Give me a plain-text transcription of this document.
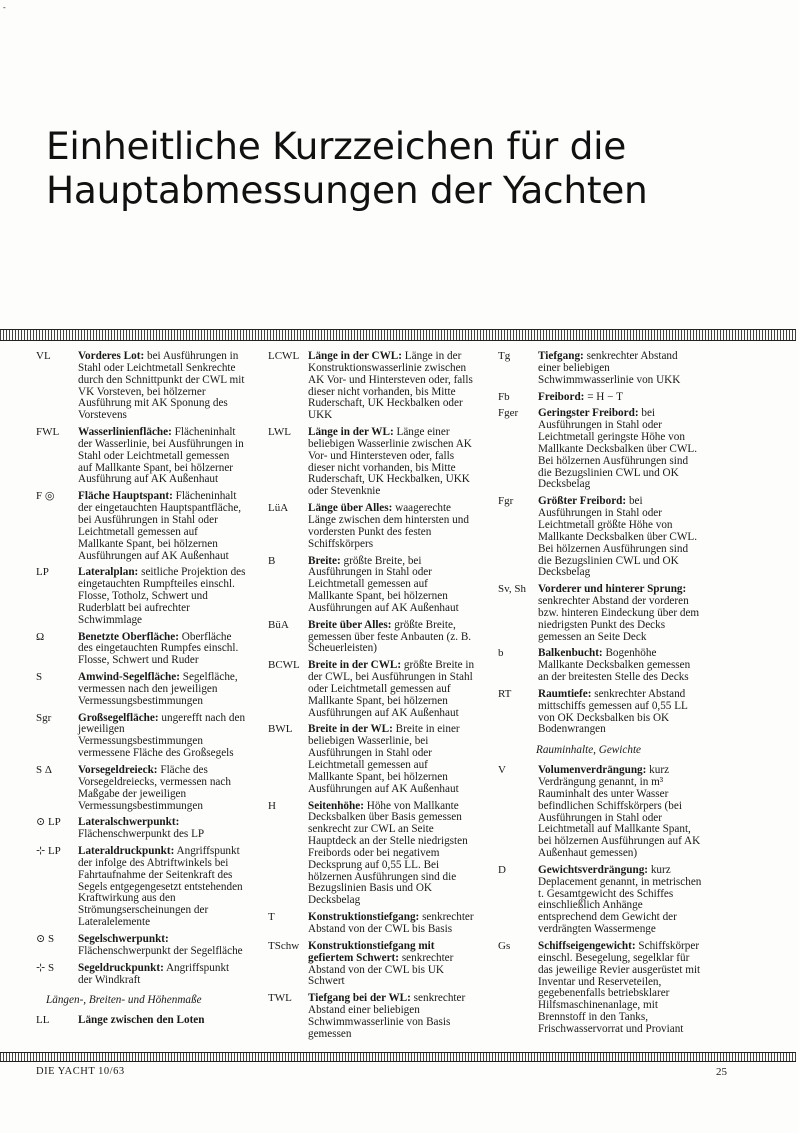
-
Einheitliche Kurzzeichen für die
Hauptabmessungen der Yachten
VL	Vorderes Lot: bei Ausführungen in Stahl oder Leichtmetall Senkrechte durch den Schnittpunkt der CWL mit VK Vorsteven, bei hölzerner Ausführung mit AK Sponung des Vorstevens
FWL	Wasserlinienfläche: Flächeninhalt der Wasserlinie, bei Ausführungen in Stahl oder Leichtmetall gemessen auf Mallkante Spant, bei hölzerner Ausführung auf AK Außenhaut
F ◎	Fläche Hauptspant: Flächeninhalt der eingetauchten Hauptspantfläche, bei Ausführungen in Stahl oder Leichtmetall gemessen auf Mallkante Spant, bei hölzernen Ausführungen auf AK Außenhaut
LP	Lateralplan: seitliche Projektion des eingetauchten Rumpfteiles einschl. Flosse, Totholz, Schwert und Ruderblatt bei aufrechter Schwimmlage
Ω	Benetzte Oberfläche: Oberfläche des eingetauchten Rumpfes einschl. Flosse, Schwert und Ruder
S	Amwind-Segelfläche: Segelfläche, vermessen nach den jeweiligen Vermessungsbestimmungen
Sgr	Großsegelfläche: ungerefft nach den jeweiligen Vermessungsbestimmungen vermessene Fläche des Großsegels
S Δ	Vorsegeldreieck: Fläche des Vorsegeldreiecks, vermessen nach Maßgabe der jeweiligen Vermessungsbestimmungen
⊙ LP	Lateralschwerpunkt: Flächenschwerpunkt des LP
⊹ LP	Lateraldruckpunkt: Angriffspunkt der infolge des Abtriftwinkels bei Fahrtaufnahme der Seitenkraft des Segels entgegengesetzt entstehenden Kraftwirkung aus den Strömungserscheinungen der Lateralelemente
⊙ S	Segelschwerpunkt: Flächenschwerpunkt der Segelfläche
⊹ S	Segeldruckpunkt: Angriffspunkt der Windkraft
Längen-, Breiten- und Höhenmaße
LL	Länge zwischen den Loten
LCWL Länge in der CWL: Länge in der Konstruktionswasserlinie zwischen AK Vor- und Hintersteven oder, falls dieser nicht vorhanden, bis Mitte Ruderschaft, UK Heckbalken oder UKK
LWL	Länge in der WL: Länge einer beliebigen Wasserlinie zwischen AK Vor- und Hintersteven oder, falls dieser nicht vorhanden, bis Mitte Ruderschaft, UK Heckbalken, UKK oder Stevenknie
LüA	Länge über Alles: waagerechte Länge zwischen dem hintersten und vordersten Punkt des festen Schiffskörpers
B	Breite: größte Breite, bei Ausführungen in Stahl oder Leichtmetall gemessen auf Mallkante Spant, bei hölzernen Ausführungen auf AK Außenhaut
BüA	Breite über Alles: größte Breite, gemessen über feste Anbauten (z. B. Scheuerleisten)
BCWL Breite in der CWL: größte Breite in der CWL, bei Ausführungen in Stahl oder Leichtmetall gemessen auf Mallkante Spant, bei hölzernen Ausführungen auf AK Außenhaut
BWL	Breite in der WL: Breite in einer beliebigen Wasserlinie, bei Ausführungen in Stahl oder Leichtmetall gemessen auf Mallkante Spant, bei hölzernen Ausführungen auf AK Außenhaut
H	Seitenhöhe: Höhe von Mallkante Decksbalken über Basis gemessen senkrecht zur CWL an Seite Hauptdeck an der Stelle niedrigsten Freibords oder bei negativem Decksprung auf 0,55 LL. Bei hölzernen Ausführungen sind die Bezugslinien Basis und OK Decksbelag
T	Konstruktionstiefgang: senkrechter Abstand von der CWL bis Basis
TSchw Konstruktionstiefgang mit gefiertem Schwert: senkrechter Abstand von der CWL bis UK Schwert
TWL	Tiefgang bei der WL: senkrechter Abstand einer beliebigen Schwimmwasserlinie von Basis gemessen
Tg	Tiefgang: senkrechter Abstand einer beliebigen Schwimmwasserlinie von UKK
Fb	Freibord: = H − T
Fger	Geringster Freibord: bei Ausführungen in Stahl oder Leichtmetall geringste Höhe von Mallkante Decksbalken über CWL. Bei hölzernen Ausführungen sind die Bezugslinien CWL und OK Decksbelag
Fgr	Größter Freibord: bei Ausführungen in Stahl oder Leichtmetall größte Höhe von Mallkante Decksbalken über CWL. Bei hölzernen Ausführungen sind die Bezugslinien CWL und OK Decksbelag
Sv, Sh	Vorderer und hinterer Sprung: senkrechter Abstand der vorderen bzw. hinteren Eindeckung über dem niedrigsten Punkt des Decks gemessen an Seite Deck
b	Balkenbucht: Bogenhöhe Mallkante Decksbalken gemessen an der breitesten Stelle des Decks
RT	Raumtiefe: senkrechter Abstand mittschiffs gemessen auf 0,55 LL von OK Decksbalken bis OK Bodenwrangen
Rauminhalte, Gewichte
V	Volumenverdrängung: kurz Verdrängung genannt, in m³ Rauminhalt des unter Wasser befindlichen Schiffskörpers (bei Ausführungen in Stahl oder Leichtmetall auf Mallkante Spant, bei hölzernen Ausführungen auf AK Außenhaut gemessen)
D	Gewichtsverdrängung: kurz Deplacement genannt, in metrischen t. Gesamtgewicht des Schiffes einschließlich Anhänge entsprechend dem Gewicht der verdrängten Wassermenge
Gs	Schiffseigengewicht: Schiffskörper einschl. Besegelung, segelklar für das jeweilige Revier ausgerüstet mit Inventar und Reserveteilen, gegebenenfalls betriebsklarer Hilfsmaschinenanlage, mit Brennstoff in den Tanks, Frischwasservorrat und Proviant
DIE YACHT 10/63	25
